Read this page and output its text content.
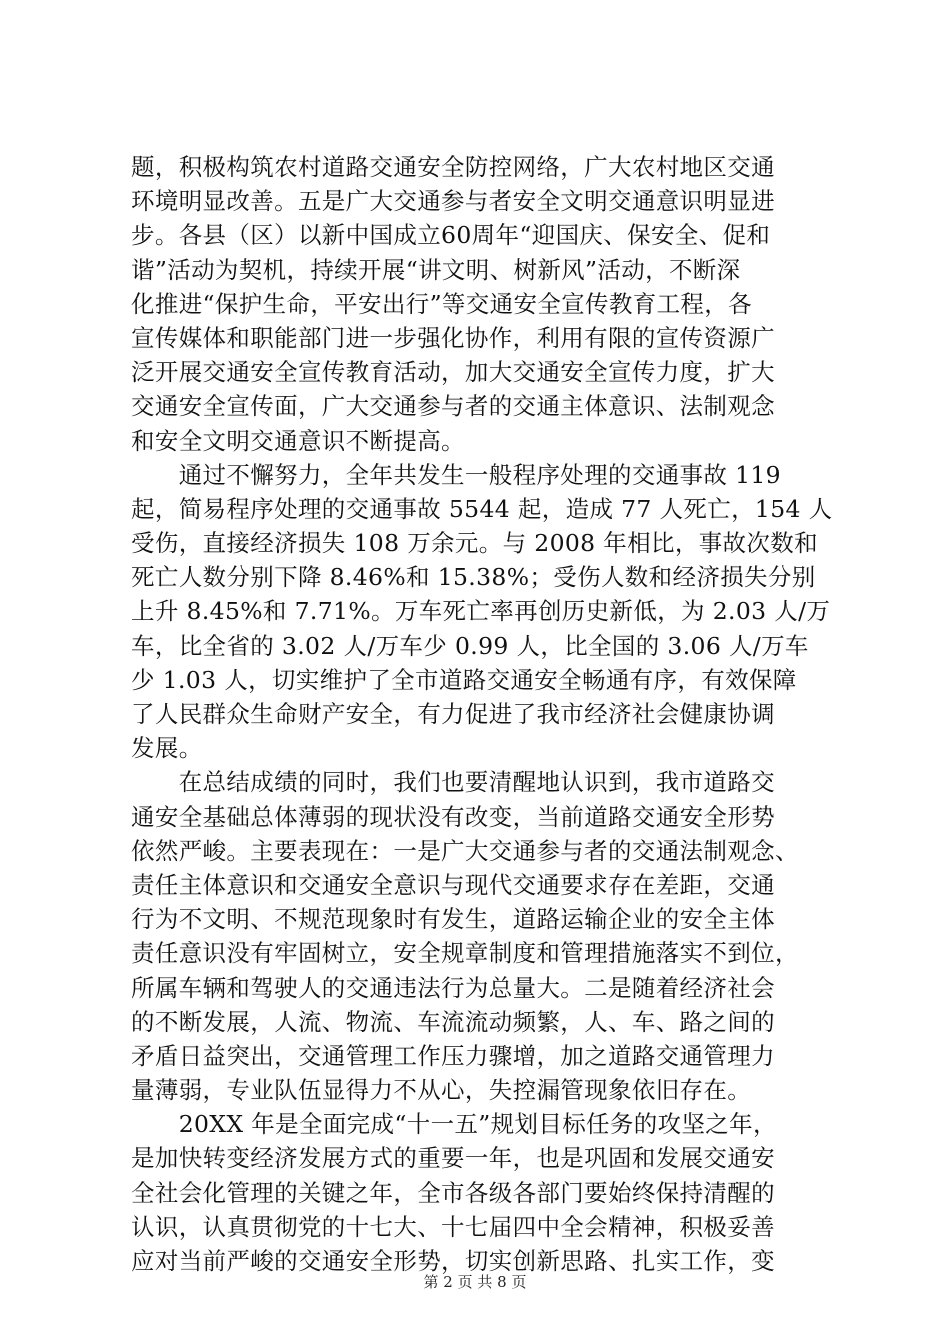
题，积极构筑农村道路交通安全防控网络，广大农村地区交通
环境明显改善。五是广大交通参与者安全文明交通意识明显进
步。各县（区）以新中国成立60周年“迎国庆、保安全、促和
谐”活动为契机，持续开展“讲文明、树新风”活动，不断深
化推进“保护生命，平安出行”等交通安全宣传教育工程，各
宣传媒体和职能部门进一步强化协作，利用有限的宣传资源广
泛开展交通安全宣传教育活动，加大交通安全宣传力度，扩大
交通安全宣传面，广大交通参与者的交通主体意识、法制观念
和安全文明交通意识不断提高。
　　通过不懈努力，全年共发生一般程序处理的交通事故 119
起，简易程序处理的交通事故 5544 起，造成 77 人死亡，154 人
受伤，直接经济损失 108 万余元。与 2008 年相比，事故次数和
死亡人数分别下降 8.46%和 15.38%；受伤人数和经济损失分别
上升 8.45%和 7.71%。万车死亡率再创历史新低，为 2.03 人/万
车，比全省的 3.02 人/万车少 0.99 人，比全国的 3.06 人/万车
少 1.03 人，切实维护了全市道路交通安全畅通有序，有效保障
了人民群众生命财产安全，有力促进了我市经济社会健康协调
发展。
　　在总结成绩的同时，我们也要清醒地认识到，我市道路交
通安全基础总体薄弱的现状没有改变，当前道路交通安全形势
依然严峻。主要表现在：一是广大交通参与者的交通法制观念、
责任主体意识和交通安全意识与现代交通要求存在差距，交通
行为不文明、不规范现象时有发生，道路运输企业的安全主体
责任意识没有牢固树立，安全规章制度和管理措施落实不到位，
所属车辆和驾驶人的交通违法行为总量大。二是随着经济社会
的不断发展，人流、物流、车流流动频繁，人、车、路之间的
矛盾日益突出，交通管理工作压力骤增，加之道路交通管理力
量薄弱，专业队伍显得力不从心，失控漏管现象依旧存在。
　　20XX 年是全面完成“十一五”规划目标任务的攻坚之年，
是加快转变经济发展方式的重要一年，也是巩固和发展交通安
全社会化管理的关键之年，全市各级各部门要始终保持清醒的
认识，认真贯彻党的十七大、十七届四中全会精神，积极妥善
应对当前严峻的交通安全形势，切实创新思路、扎实工作，变
第 2 页 共 8 页
